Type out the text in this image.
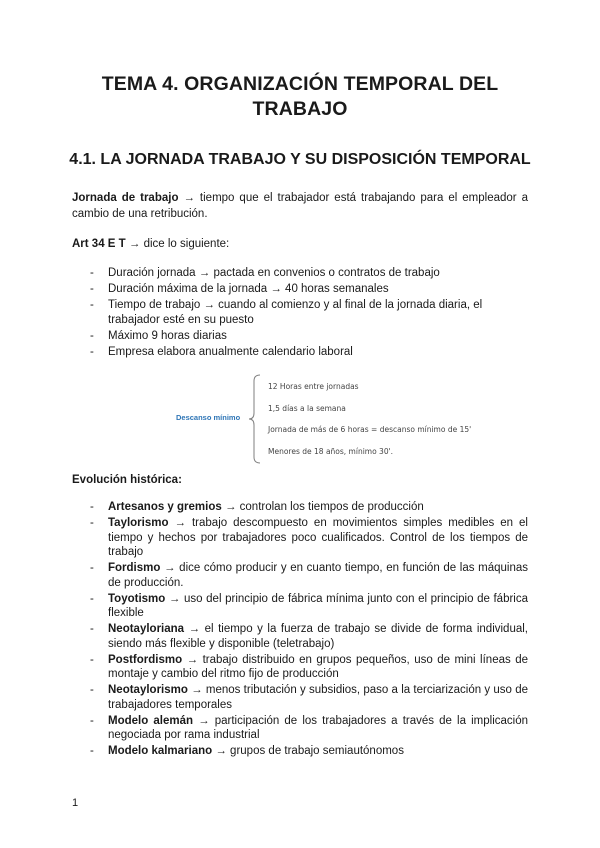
TEMA 4. ORGANIZACIÓN TEMPORAL DEL TRABAJO
4.1. LA JORNADA TRABAJO Y SU DISPOSICIÓN TEMPORAL

Jornada de trabajo → tiempo que el trabajador está trabajando para el empleador a cambio de una retribución.

Art 34 E T → dice lo siguiente:

- Duración jornada → pactada en convenios o contratos de trabajo
- Duración máxima de la jornada → 40 horas semanales
- Tiempo de trabajo → cuando al comienzo y al final de la jornada diaria, el trabajador esté en su puesto
- Máximo 9 horas diarias
- Empresa elabora anualmente calendario laboral
Descanso mínimo
12 Horas entre jornadas
1,5 días a la semana
Jornada de más de 6 horas = descanso mínimo de 15'
Menores de 18 años, mínimo 30'.

Evolución histórica:

- Artesanos y gremios → controlan los tiempos de producción
- Taylorismo → trabajo descompuesto en movimientos simples medibles en el tiempo y hechos por trabajadores poco cualificados. Control de los tiempos de trabajo
- Fordismo → dice cómo producir y en cuanto tiempo, en función de las máquinas de producción.
- Toyotismo → uso del principio de fábrica mínima junto con el principio de fábrica flexible
- Neotayloriana → el tiempo y la fuerza de trabajo se divide de forma individual, siendo más flexible y disponible (teletrabajo)
- Postfordismo → trabajo distribuido en grupos pequeños, uso de mini líneas de montaje y cambio del ritmo fijo de producción
- Neotaylorismo → menos tributación y subsidios, paso a la terciarización y uso de trabajadores temporales
- Modelo alemán → participación de los trabajadores a través de la implicación negociada por rama industrial
- Modelo kalmariano → grupos de trabajo semiautónomos
1
